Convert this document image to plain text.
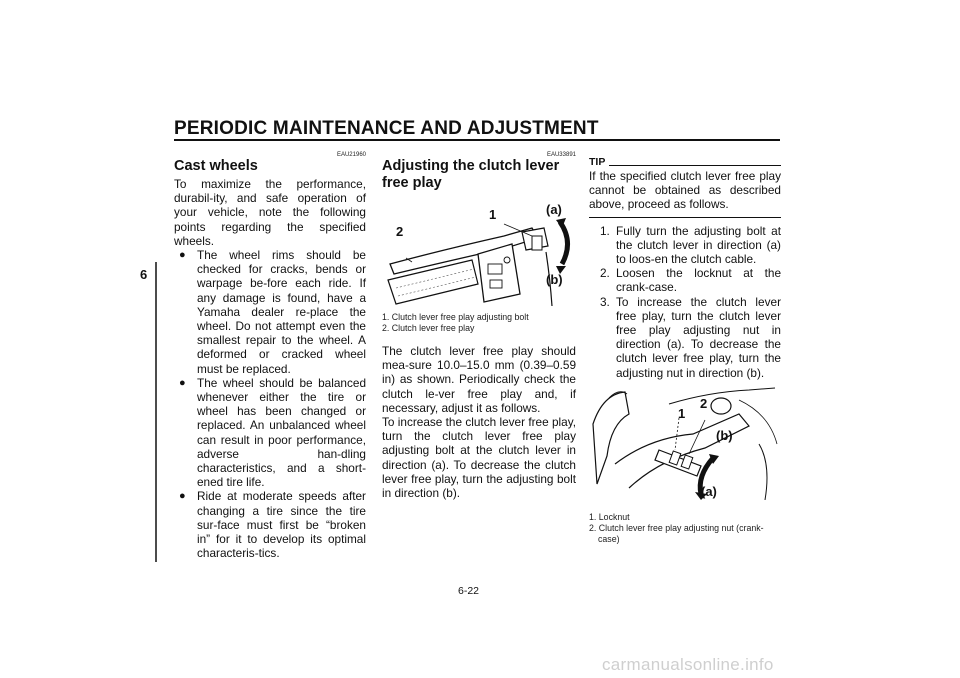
PERIODIC MAINTENANCE AND ADJUSTMENT
6
EAU21960
Cast wheels
To maximize the performance, durabil-ity, and safe operation of your vehicle, note the following points regarding the specified wheels.
● The wheel rims should be checked for cracks, bends or warpage be-fore each ride. If any damage is found, have a Yamaha dealer re-place the wheel. Do not attempt even the smallest repair to the wheel. A deformed or cracked wheel must be replaced.
● The wheel should be balanced whenever either the tire or wheel has been changed or replaced. An unbalanced wheel can result in poor performance, adverse han-dling characteristics, and a short-ened tire life.
● Ride at moderate speeds after changing a tire since the tire sur-face must first be “broken in” for it to develop its optimal characteris-tics.
EAU33891
Adjusting the clutch lever free play
1
2
(a)
(b)
1. Clutch lever free play adjusting bolt
2. Clutch lever free play
The clutch lever free play should mea-sure 10.0–15.0 mm (0.39–0.59 in) as shown. Periodically check the clutch le-ver free play and, if necessary, adjust it as follows.
To increase the clutch lever free play, turn the clutch lever free play adjusting bolt at the clutch lever in direction (a). To decrease the clutch lever free play, turn the adjusting bolt in direction (b).
TIP
If the specified clutch lever free play cannot be obtained as described above, proceed as follows.
1. Fully turn the adjusting bolt at the clutch lever in direction (a) to loos-en the clutch cable.
2. Loosen the locknut at the crank-case.
3. To increase the clutch lever free play, turn the clutch lever free play adjusting nut in direction (a). To decrease the clutch lever free play, turn the adjusting nut in direction (b).
1
2
(b)
(a)
1. Locknut
2. Clutch lever free play adjusting nut (crank-case)
6-22
carmanualsonline.info
